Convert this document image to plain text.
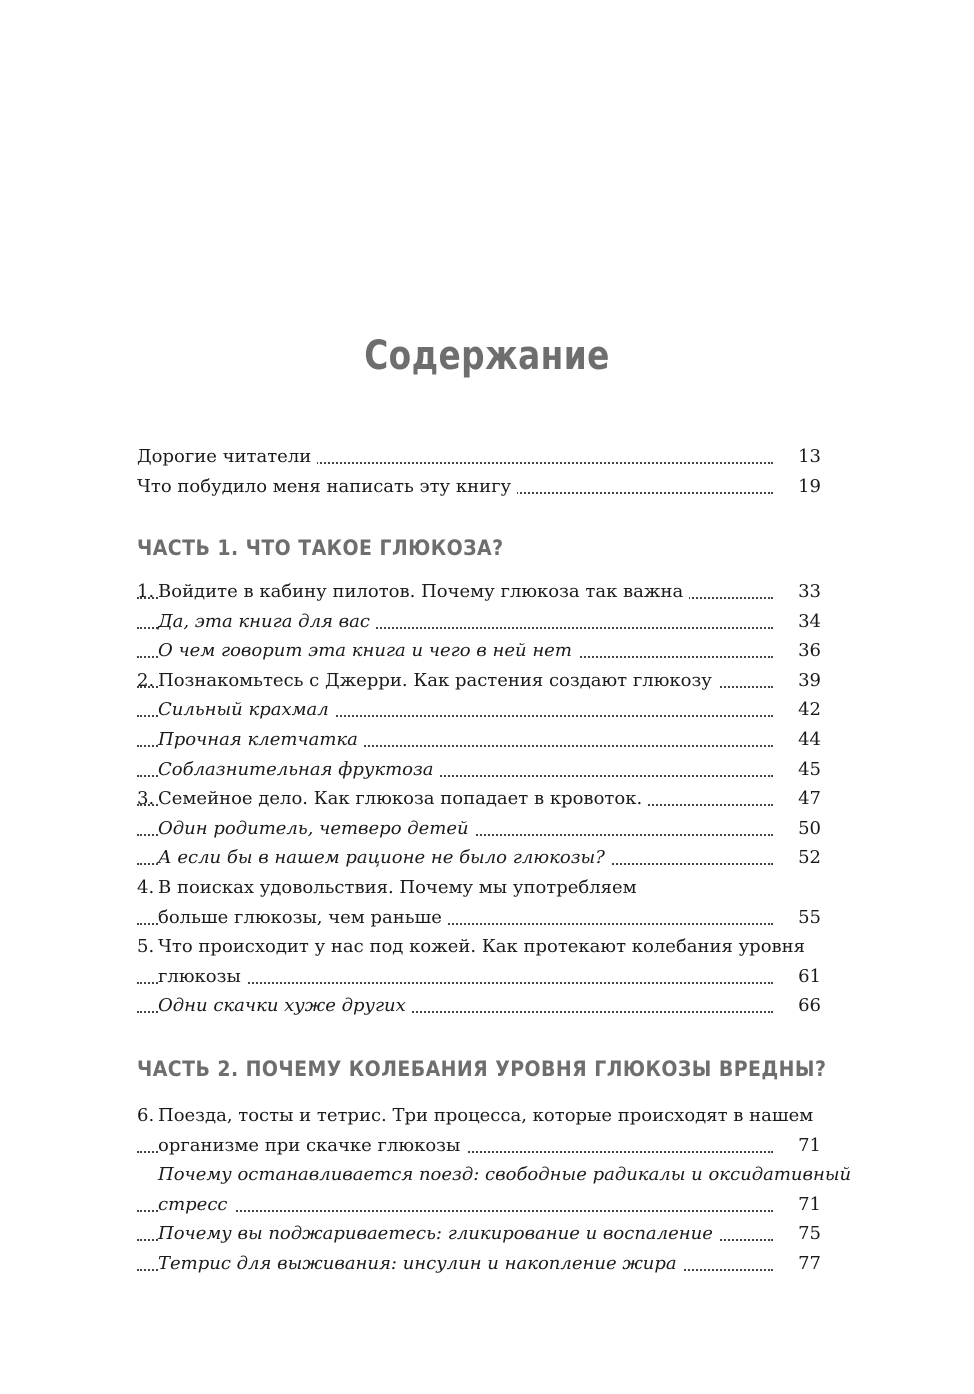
Содержание
Дорогие читатели	13
Что побудило меня написать эту книгу	19
ЧАСТЬ 1. ЧТО ТАКОЕ ГЛЮКОЗА?
1. Войдите в кабину пилотов. Почему глюкоза так важна	33
Да, эта книга для вас	34
О чем говорит эта книга и чего в ней нет	36
2. Познакомьтесь с Джерри. Как растения создают глюкозу	39
Сильный крахмал	42
Прочная клетчатка	44
Соблазнительная фруктоза	45
3. Семейное дело. Как глюкоза попадает в кровоток.	47
Один родитель, четверо детей	50
А если бы в нашем рационе не было глюкозы?	52
4. В поисках удовольствия. Почему мы употребляем
больше глюкозы, чем раньше	55
5. Что происходит у нас под кожей. Как протекают колебания уровня
глюкозы	61
Одни скачки хуже других	66
ЧАСТЬ 2. ПОЧЕМУ КОЛЕБАНИЯ УРОВНЯ ГЛЮКОЗЫ ВРЕДНЫ?
6. Поезда, тосты и тетрис. Три процесса, которые происходят в нашем
организме при скачке глюкозы	71
Почему останавливается поезд: свободные радикалы и оксидативный
стресс	71
Почему вы поджариваетесь: гликирование и воспаление	75
Тетрис для выживания: инсулин и накопление жира	77
